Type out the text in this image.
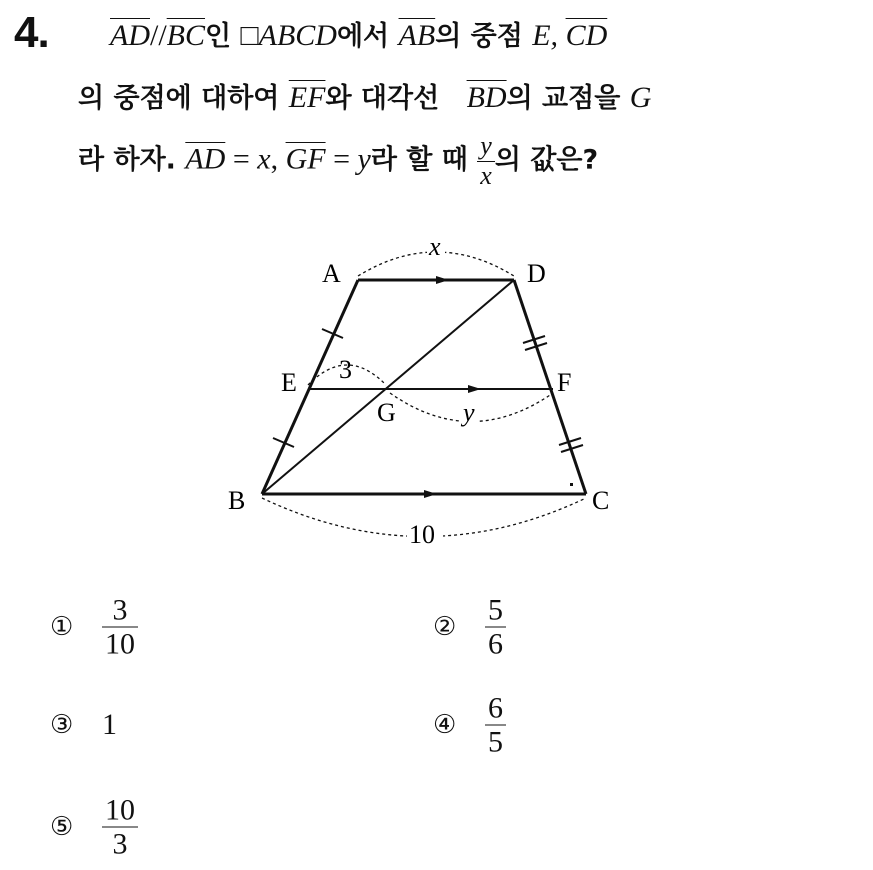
4. $\overline{AD}//\overline{BC}$인 □ABCD에서 $\overline{AB}$의 중점 E, $\overline{CD}$
의 중점에 대하여 $\overline{EF}$와 대각선 $\overline{BD}$의 교점을 G
라 하자. $\overline{AD} = x$, $\overline{GF} = y$라 할 때 $\frac{y}{x}$ 의 값은?
A	D
E	F
G
B	C
x
3
y
10
① $\frac{3}{10}$	② $\frac{5}{6}$
③ 1	④ $\frac{6}{5}$
⑤ $\frac{10}{3}$
